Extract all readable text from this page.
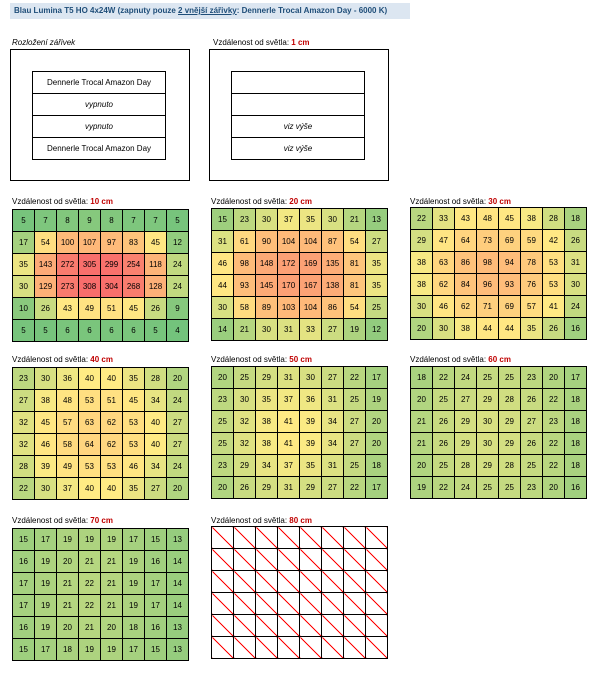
Blau Lumina T5 HO 4x24W (zapnuty pouze 2 vnější zářivky: Dennerle Trocal Amazon Day - 6000 K)
Rozložení zářivek
Dennerle Trocal Amazon Day
vypnuto
vypnuto
Dennerle Trocal Amazon Day
Vzdálenost od světla: 1 cm

viz výše
viz výše
Vzdálenost od světla: 10 cm
5	7	8	9	8	7	7	5
17	54	100	107	97	83	45	12
35	143	272	305	299	254	118	24
30	129	273	308	304	268	128	24
10	26	43	49	51	45	26	9
5	5	6	6	6	6	5	4
Vzdálenost od světla: 20 cm
15	23	30	37	35	30	21	13
31	61	90	104	104	87	54	27
46	98	148	172	169	135	81	35
44	93	145	170	167	138	81	35
30	58	89	103	104	86	54	25
14	21	30	31	33	27	19	12
Vzdálenost od světla: 30 cm
22	33	43	48	45	38	28	18
29	47	64	73	69	59	42	26
38	63	86	98	94	78	53	31
38	62	84	96	93	76	53	30
30	46	62	71	69	57	41	24
20	30	38	44	44	35	26	16
Vzdálenost od světla: 40 cm
23	30	36	40	40	35	28	20
27	38	48	53	51	45	34	24
32	45	57	63	62	53	40	27
32	46	58	64	62	53	40	27
28	39	49	53	53	46	34	24
22	30	37	40	40	35	27	20
Vzdálenost od světla: 50 cm
20	25	29	31	30	27	22	17
23	30	35	37	36	31	25	19
25	32	38	41	39	34	27	20
25	32	38	41	39	34	27	20
23	29	34	37	35	31	25	18
20	26	29	31	29	27	22	17
Vzdálenost od světla: 60 cm
18	22	24	25	25	23	20	17
20	25	27	29	28	26	22	18
21	26	29	30	29	27	23	18
21	26	29	30	29	26	22	18
20	25	28	29	28	25	22	18
19	22	24	25	25	23	20	16
Vzdálenost od světla: 70 cm
15	17	19	19	19	17	15	13
16	19	20	21	21	19	16	14
17	19	21	22	21	19	17	14
17	19	21	22	21	19	17	14
16	19	20	21	20	18	16	13
15	17	18	19	19	17	15	13
Vzdálenost od světla: 80 cm
